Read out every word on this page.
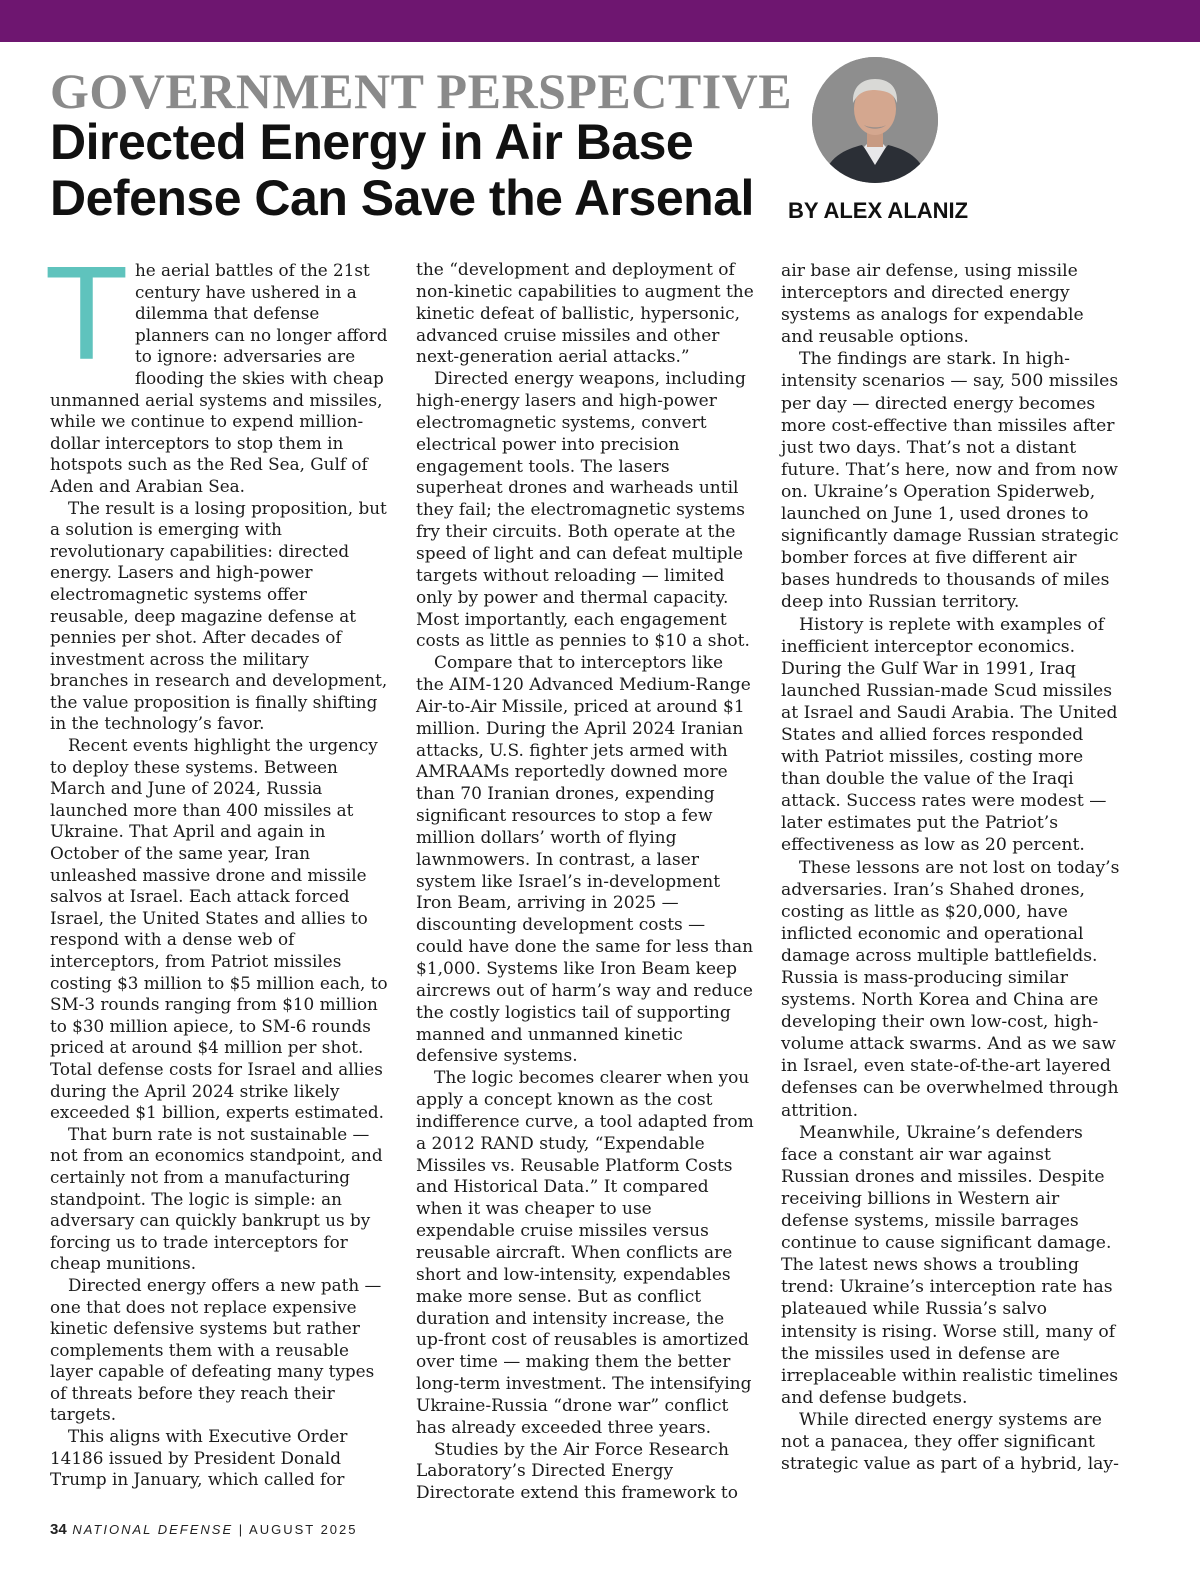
GOVERNMENT PERSPECTIVE
Directed Energy in Air Base Defense Can Save the Arsenal	BY ALEX ALANIZ
T he aerial battles of the 21st century have ushered in a dilemma that defense planners can no longer afford to ignore: adversaries are flooding the skies with cheap unmanned aerial systems and missiles, while we continue to expend million-dollar interceptors to stop them in hotspots such as the Red Sea, Gulf of Aden and Arabian Sea.

The result is a losing proposition, but a solution is emerging with revolutionary capabilities: directed energy. Lasers and high-power electromagnetic systems offer reusable, deep magazine defense at pennies per shot. After decades of investment across the military branches in research and development, the value proposition is finally shifting in the technology’s favor.

Recent events highlight the urgency to deploy these systems. Between March and June of 2024, Russia launched more than 400 missiles at Ukraine. That April and again in October of the same year, Iran unleashed massive drone and missile salvos at Israel. Each attack forced Israel, the United States and allies to respond with a dense web of interceptors, from Patriot missiles costing $3 million to $5 million each, to SM-3 rounds ranging from $10 million to $30 million apiece, to SM-6 rounds priced at around $4 million per shot. Total defense costs for Israel and allies during the April 2024 strike likely exceeded $1 billion, experts estimated.

That burn rate is not sustainable — not from an economics standpoint, and certainly not from a manufacturing standpoint. The logic is simple: an adversary can quickly bankrupt us by forcing us to trade interceptors for cheap munitions.

Directed energy offers a new path — one that does not replace expensive kinetic defensive systems but rather complements them with a reusable layer capable of defeating many types of threats before they reach their targets.

This aligns with Executive Order 14186 issued by President Donald Trump in January, which called for

the “development and deployment of non-kinetic capabilities to augment the kinetic defeat of ballistic, hypersonic, advanced cruise missiles and other next-generation aerial attacks.”

Directed energy weapons, including high-energy lasers and high-power electromagnetic systems, convert electrical power into precision engagement tools. The lasers superheat drones and warheads until they fail; the electromagnetic systems fry their circuits. Both operate at the speed of light and can defeat multiple targets without reloading — limited only by power and thermal capacity. Most importantly, each engagement costs as little as pennies to $10 a shot.

Compare that to interceptors like the AIM-120 Advanced Medium-Range Air-to-Air Missile, priced at around $1 million. During the April 2024 Iranian attacks, U.S. fighter jets armed with AMRAAMs reportedly downed more than 70 Iranian drones, expending significant resources to stop a few million dollars’ worth of flying lawnmowers. In contrast, a laser system like Israel’s in-development Iron Beam, arriving in 2025 — discounting development costs — could have done the same for less than $1,000. Systems like Iron Beam keep aircrews out of harm’s way and reduce the costly logistics tail of supporting manned and unmanned kinetic defensive systems.

The logic becomes clearer when you apply a concept known as the cost indifference curve, a tool adapted from a 2012 RAND study, “Expendable Missiles vs. Reusable Platform Costs and Historical Data.” It compared when it was cheaper to use expendable cruise missiles versus reusable aircraft. When conflicts are short and low-intensity, expendables make more sense. But as conflict duration and intensity increase, the up-front cost of reusables is amortized over time — making them the better long-term investment. The intensifying Ukraine-Russia “drone war” conflict has already exceeded three years.

Studies by the Air Force Research Laboratory’s Directed Energy Directorate extend this framework to

air base air defense, using missile interceptors and directed energy systems as analogs for expendable and reusable options.

The findings are stark. In high-intensity scenarios — say, 500 missiles per day — directed energy becomes more cost-effective than missiles after just two days. That’s not a distant future. That’s here, now and from now on. Ukraine’s Operation Spiderweb, launched on June 1, used drones to significantly damage Russian strategic bomber forces at five different air bases hundreds to thousands of miles deep into Russian territory.

History is replete with examples of inefficient interceptor economics. During the Gulf War in 1991, Iraq launched Russian-made Scud missiles at Israel and Saudi Arabia. The United States and allied forces responded with Patriot missiles, costing more than double the value of the Iraqi attack. Success rates were modest — later estimates put the Patriot’s effectiveness as low as 20 percent.

These lessons are not lost on today’s adversaries. Iran’s Shahed drones, costing as little as $20,000, have inflicted economic and operational damage across multiple battlefields. Russia is mass-producing similar systems. North Korea and China are developing their own low-cost, high-volume attack swarms. And as we saw in Israel, even state-of-the-art layered defenses can be overwhelmed through attrition.

Meanwhile, Ukraine’s defenders face a constant air war against Russian drones and missiles. Despite receiving billions in Western air defense systems, missile barrages continue to cause significant damage. The latest news shows a troubling trend: Ukraine’s interception rate has plateaued while Russia’s salvo intensity is rising. Worse still, many of the missiles used in defense are irreplaceable within realistic timelines and defense budgets.

While directed energy systems are not a panacea, they offer significant strategic value as part of a hybrid, lay-

34 NATIONAL DEFENSE | AUGUST 2025
